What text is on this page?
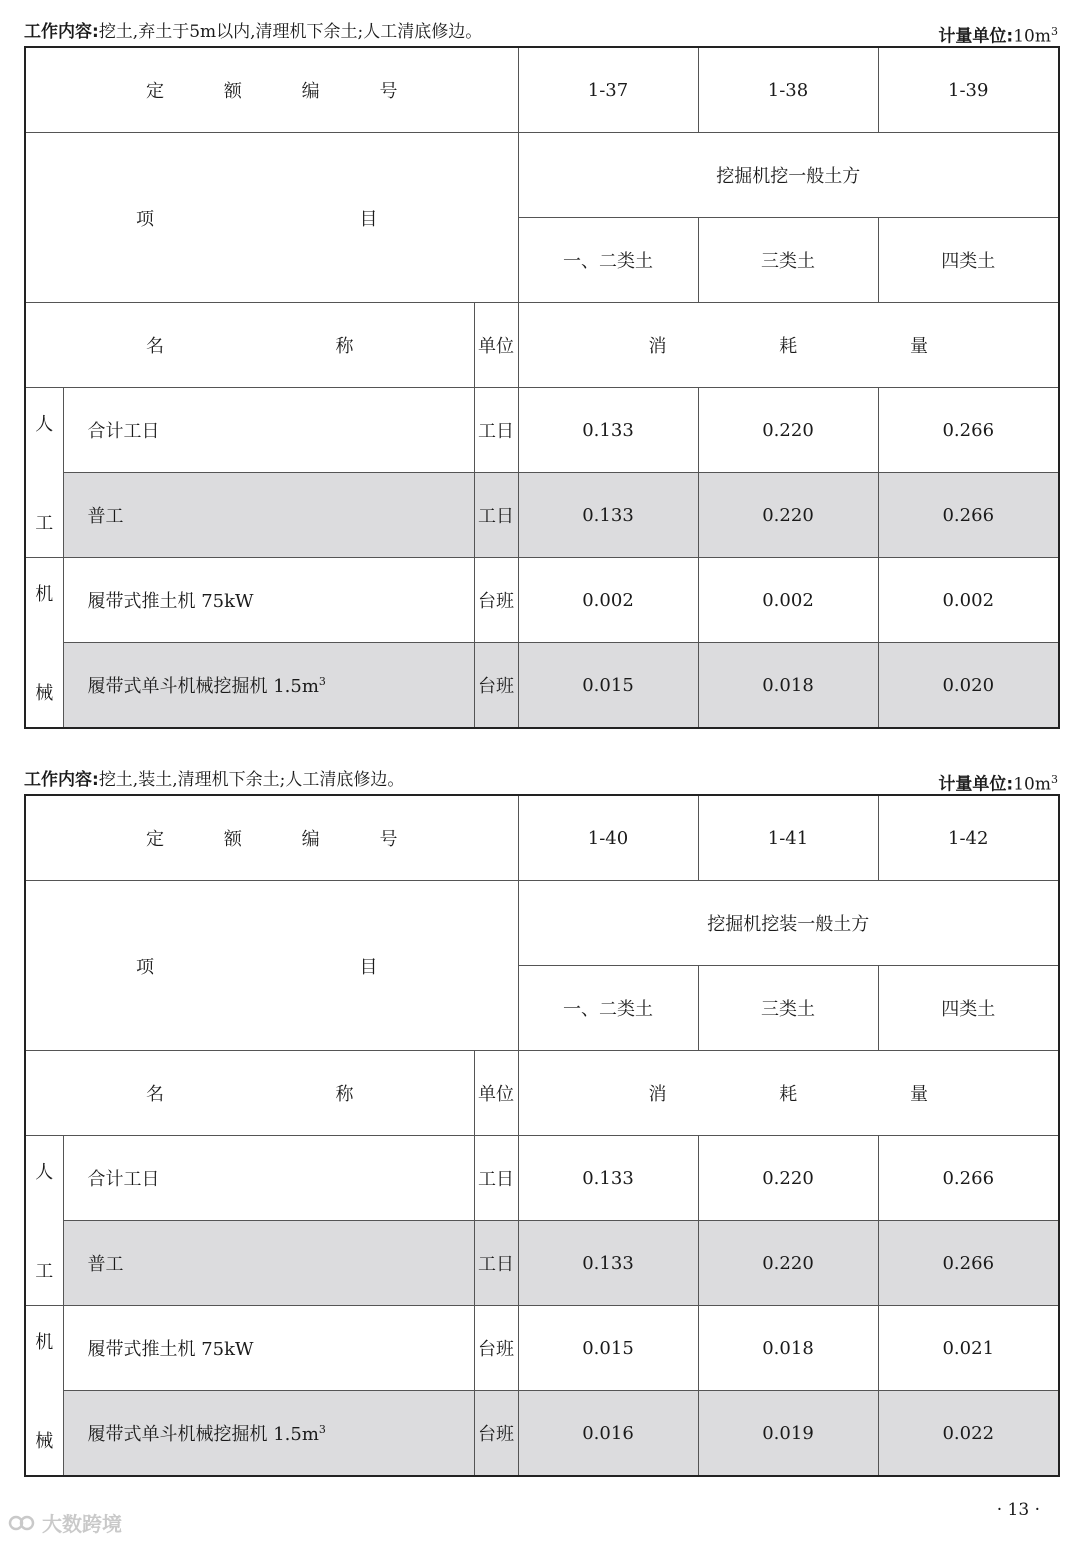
工作内容:挖土,弃土于5m以内,清理机下余土;人工清底修边。	计量单位$:10m^3$
定 额 编 号			1-37	1-38	1-39

项 目			挖掘机挖一般土方		
			一、二类土	三类土	四类土

名 称		单位	消 耗 量		

人
工	合计工日	工日	0.133	0.220	0.266
	普工	工日	0.133	0.220	0.266

机
械	履带式推土机 75kW	台班	0.002	0.002	0.002
	履带式单斗机械挖掘机 $1.5m^3$	台班	0.015	0.018	0.020
工作内容:挖土,装土,清理机下余土;人工清底修边。	计量单位$:10m^3$
定 额 编 号			1-40	1-41	1-42

项 目			挖掘机挖装一般土方		
			一、二类土	三类土	四类土

名 称		单位	消 耗 量		

人
工	合计工日	工日	0.133	0.220	0.266
	普工	工日	0.133	0.220	0.266

机
械	履带式推土机 75kW	台班	0.015	0.018	0.021
	履带式单斗机械挖掘机 $1.5m^3$	台班	0.016	0.019	0.022
大数跨境
· 13 ·
